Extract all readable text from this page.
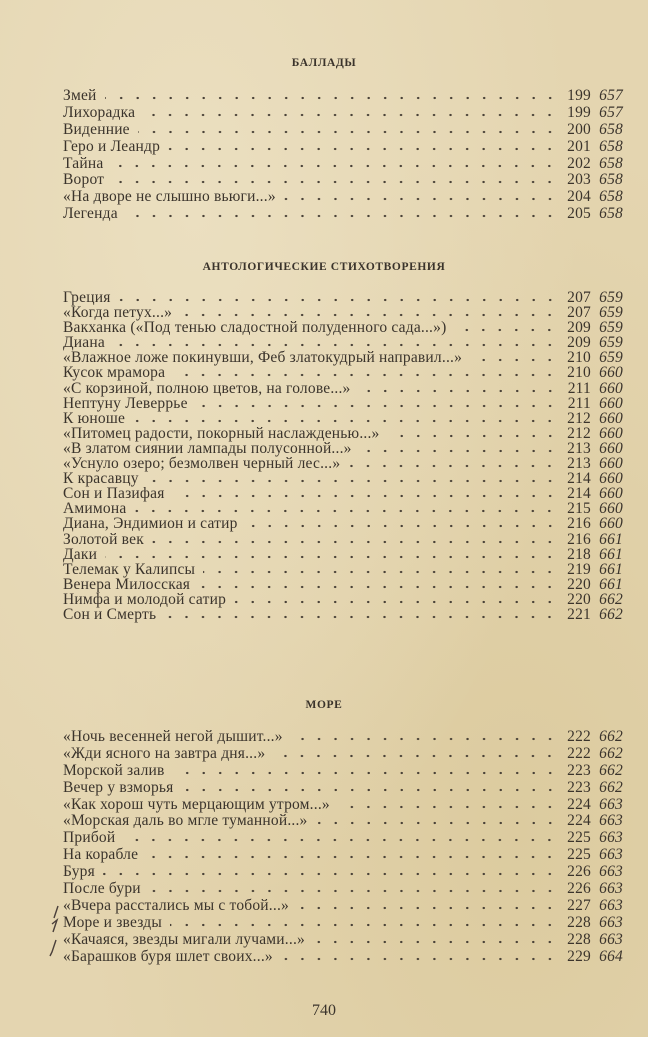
БАЛЛАДЫ
Змей	199 657
Лихорадка	199 657
Виденние	200 658
Геро и Леандр	201 658
Тайна	202 658
Ворот	203 658
«На дворе не слышно вьюги...»	204 658
Легенда	205 658
АНТОЛОГИЧЕСКИЕ СТИХОТВОРЕНИЯ
Греция	207 659
«Когда петух...»	207 659
Вакханка («Под тенью сладостной полуденного сада...»)	209 659
Диана	209 659
«Влажное ложе покинувши, Феб златокудрый направил...»	210 659
Кусок мрамора	210 660
«С корзиной, полною цветов, на голове...»	211 660
Нептуну Леверрье	211 660
К юноше	212 660
«Питомец радости, покорный наслажденью...»	212 660
«В златом сиянии лампады полусонной...»	213 660
«Уснуло озеро; безмолвен черный лес...»	213 660
К красавцу	214 660
Сон и Пазифая	214 660
Амимона	215 660
Диана, Эндимион и сатир	216 660
Золотой век	216 661
Даки	218 661
Телемак у Калипсы	219 661
Венера Милосская	220 661
Нимфа и молодой сатир	220 662
Сон и Смерть	221 662
МОРЕ
«Ночь весенней негой дышит...»	222 662
«Жди ясного на завтра дня...»	222 662
Морской залив	223 662
Вечер у взморья	223 662
«Как хорош чуть мерцающим утром...»	224 663
«Морская даль во мгле туманной...»	224 663
Прибой	225 663
На корабле	225 663
Буря	226 663
После бури	226 663
«Вчера расстались мы с тобой...»	227 663
Море и звезды	228 663
«Качаяся, звезды мигали лучами...»	228 663
«Барашков буря шлет своих...»	229 664
740
